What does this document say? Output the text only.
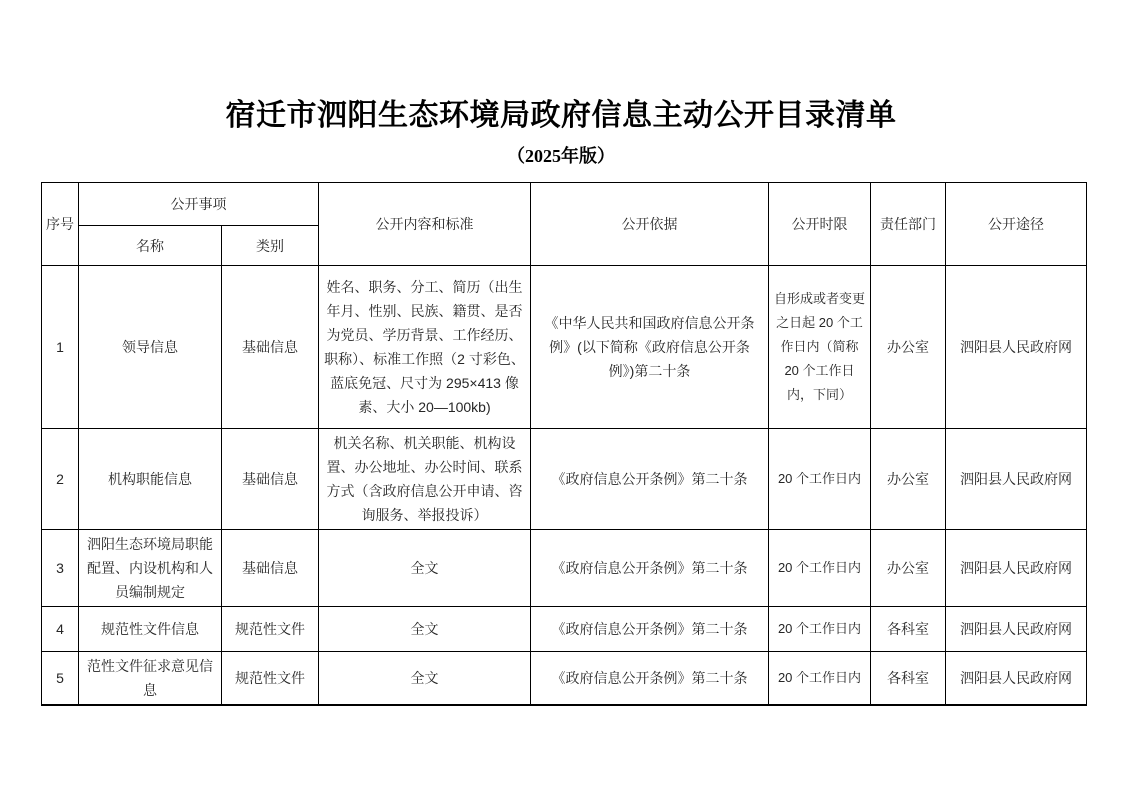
宿迁市泗阳生态环境局政府信息主动公开目录清单
（2025年版）
序号	公开事项		公开内容和标准	公开依据	公开时限	责任部门	公开途径
	名称	类别					
1	领导信息	基础信息	姓名、职务、分工、简历（出生年月、性别、民族、籍贯、是否为党员、学历背景、工作经历、职称）、标准工作照（2 寸彩色、蓝底免冠、尺寸为 295×413 像素、大小 20—100kb)	《中华人民共和国政府信息公开条例》(以下简称《政府信息公开条例》)第二十条	自形成或者变更之日起 20 个工作日内（简称 20 个工作日内，下同）	办公室	泗阳县人民政府网
2	机构职能信息	基础信息	机关名称、机关职能、机构设置、办公地址、办公时间、联系方式（含政府信息公开申请、咨询服务、举报投诉）	《政府信息公开条例》第二十条	20 个工作日内	办公室	泗阳县人民政府网
3	泗阳生态环境局职能配置、内设机构和人员编制规定	基础信息	全文	《政府信息公开条例》第二十条	20 个工作日内	办公室	泗阳县人民政府网
4	规范性文件信息	规范性文件	全文	《政府信息公开条例》第二十条	20 个工作日内	各科室	泗阳县人民政府网
5	范性文件征求意见信息	规范性文件	全文	《政府信息公开条例》第二十条	20 个工作日内	各科室	泗阳县人民政府网
